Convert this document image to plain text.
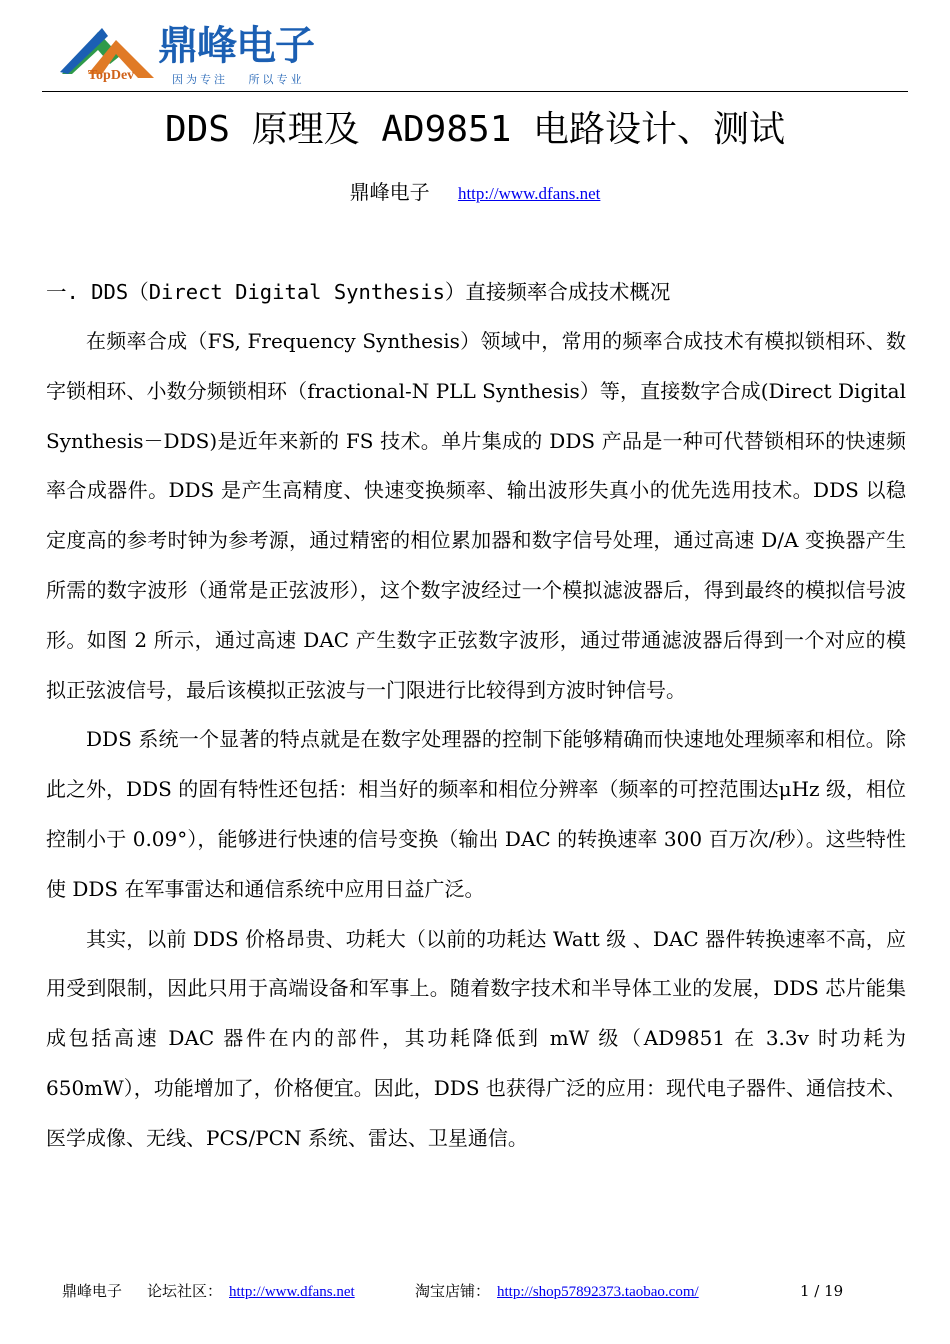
TopDev
鼎峰电子
因为专注 所以专业
DDS 原理及 AD9851 电路设计、测试
鼎峰电子 http://www.dfans.net
一. DDS（Direct Digital Synthesis）直接频率合成技术概况

在频率合成（FS, Frequency Synthesis）领域中，常用的频率合成技术有模拟锁相环、数字锁相环、小数分频锁相环（fractional-N PLL Synthesis）等，直接数字合成(Direct Digital Synthesis－DDS)是近年来新的 FS 技术。单片集成的 DDS 产品是一种可代替锁相环的快速频率合成器件。DDS 是产生高精度、快速变换频率、输出波形失真小的优先选用技术。DDS 以稳定度高的参考时钟为参考源，通过精密的相位累加器和数字信号处理，通过高速 D/A 变换器产生所需的数字波形（通常是正弦波形），这个数字波经过一个模拟滤波器后，得到最终的模拟信号波形。如图 2 所示，通过高速 DAC 产生数字正弦数字波形，通过带通滤波器后得到一个对应的模拟正弦波信号，最后该模拟正弦波与一门限进行比较得到方波时钟信号。

DDS 系统一个显著的特点就是在数字处理器的控制下能够精确而快速地处理频率和相位。除此之外，DDS 的固有特性还包括：相当好的频率和相位分辨率（频率的可控范围达μHz 级，相位控制小于 0.09°），能够进行快速的信号变换（输出 DAC 的转换速率 300 百万次/秒）。这些特性使 DDS 在军事雷达和通信系统中应用日益广泛。

其实，以前 DDS 价格昂贵、功耗大（以前的功耗达 Watt 级 、DAC 器件转换速率不高，应用受到限制，因此只用于高端设备和军事上。随着数字技术和半导体工业的发展，DDS 芯片能集成包括高速 DAC 器件在内的部件，其功耗降低到 mW 级（AD9851 在 3.3v 时功耗为 650mW），功能增加了，价格便宜。因此，DDS 也获得广泛的应用：现代电子器件、通信技术、医学成像、无线、PCS/PCN 系统、雷达、卫星通信。

鼎峰电子 论坛社区： http://www.dfans.net	淘宝店铺： http://shop57892373.taobao.com/	1 / 19
